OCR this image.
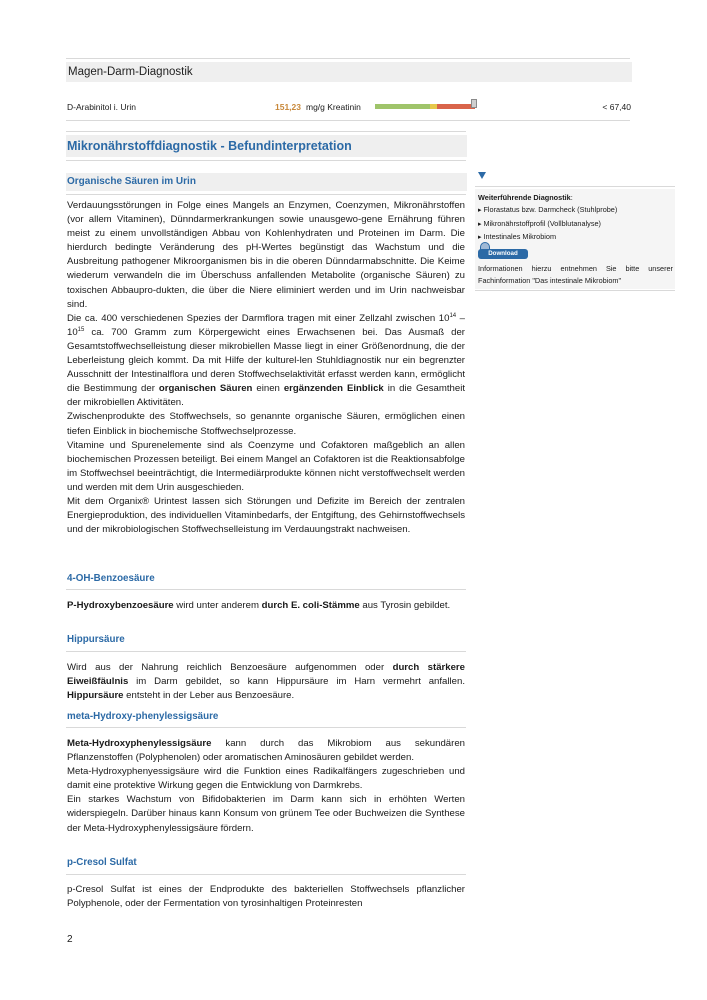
Magen-Darm-Diagnostik
D-Arabinitol i. Urin	151,23 mg/g Kreatinin	< 67,40
Mikronährstoffdiagnostik - Befundinterpretation
Organische Säuren im Urin

Verdauungsstörungen in Folge eines Mangels an Enzymen, Coenzymen, Mikronährstoffen (vor allem Vitaminen), Dünndarmerkrankungen sowie unausgewo-gene Ernährung führen meist zu einem unvollständigen Abbau von Kohlenhydraten und Proteinen im Darm. Die hierdurch bedingte Veränderung des pH-Wertes begünstigt das Wachstum und die Ausbreitung pathogener Mikroorganismen bis in die oberen Dünndarmabschnitte. Die Keime wiederum verwandeln die im Überschuss anfallenden Metabolite (organische Säuren) zu toxischen Abbaupro-dukten, die über die Niere eliminiert werden und im Urin nachweisbar sind.

Die ca. 400 verschiedenen Spezies der Darmflora tragen mit einer Zellzahl zwischen $10^{14} - 10^{15}$ ca. 700 Gramm zum Körpergewicht eines Erwachsenen bei. Das Ausmaß der Gesamtstoffwechselleistung dieser mikrobiellen Masse liegt in einer Größenordnung, die der Leberleistung gleich kommt. Da mit Hilfe der kulturel-len Stuhldiagnostik nur ein begrenzter Ausschnitt der Intestinalflora und deren Stoffwechselaktivität erfasst werden kann, ermöglicht die Bestimmung der organischen Säuren einen ergänzenden Einblick in die Gesamtheit der mikrobiellen Aktivitäten.

Zwischenprodukte des Stoffwechsels, so genannte organische Säuren, ermöglichen einen tiefen Einblick in biochemische Stoffwechselprozesse.

Vitamine und Spurenelemente sind als Coenzyme und Cofaktoren maßgeblich an allen biochemischen Prozessen beteiligt. Bei einem Mangel an Cofaktoren ist die Reaktionsabfolge im Stoffwechsel beeinträchtigt, die Intermediärprodukte können nicht verstoffwechselt werden und werden mit dem Urin ausgeschieden.

Mit dem Organix® Urintest lassen sich Störungen und Defizite im Bereich der zentralen Energieproduktion, des individuellen Vitaminbedarfs, der Entgiftung, des Gehirnstoffwechsels und der mikrobiologischen Stoffwechselleistung im Verdauungstrakt nachweisen.

4-OH-Benzoesäure

P-Hydroxybenzoesäure wird unter anderem durch E. coli-Stämme aus Tyrosin gebildet.

Hippursäure

Wird aus der Nahrung reichlich Benzoesäure aufgenommen oder durch stärkere Eiweißfäulnis im Darm gebildet, so kann Hippursäure im Harn vermehrt anfallen. Hippursäure entsteht in der Leber aus Benzoesäure.

meta-Hydroxy-phenylessigsäure

Meta-Hydroxyphenylessigsäure kann durch das Mikrobiom aus sekundären Pflanzenstoffen (Polyphenolen) oder aromatischen Aminosäuren gebildet werden.

Meta-Hydroxyphenyessigsäure wird die Funktion eines Radikalfängers zugeschrieben und damit eine protektive Wirkung gegen die Entwicklung von Darmkrebs.

Ein starkes Wachstum von Bifidobakterien im Darm kann sich in erhöhten Werten widerspiegeln. Darüber hinaus kann Konsum von grünem Tee oder Buchweizen die Synthese der Meta-Hydroxyphenylessigsäure fördern.

p-Cresol Sulfat

p-Cresol Sulfat ist eines der Endprodukte des bakteriellen Stoffwechsels pflanzlicher Polyphenole, oder der Fermentation von tyrosinhaltigen Proteinresten

Weiterführende Diagnostik:
▸ Florastatus bzw. Darmcheck (Stuhlprobe)
▸ Mikronährstoffprofil (Vollblutanalyse)
▸ Intestinales Mikrobiom
Download
Informationen hierzu entnehmen Sie bitte unserer Fachinformation "Das intestinale Mikrobiom"
2
